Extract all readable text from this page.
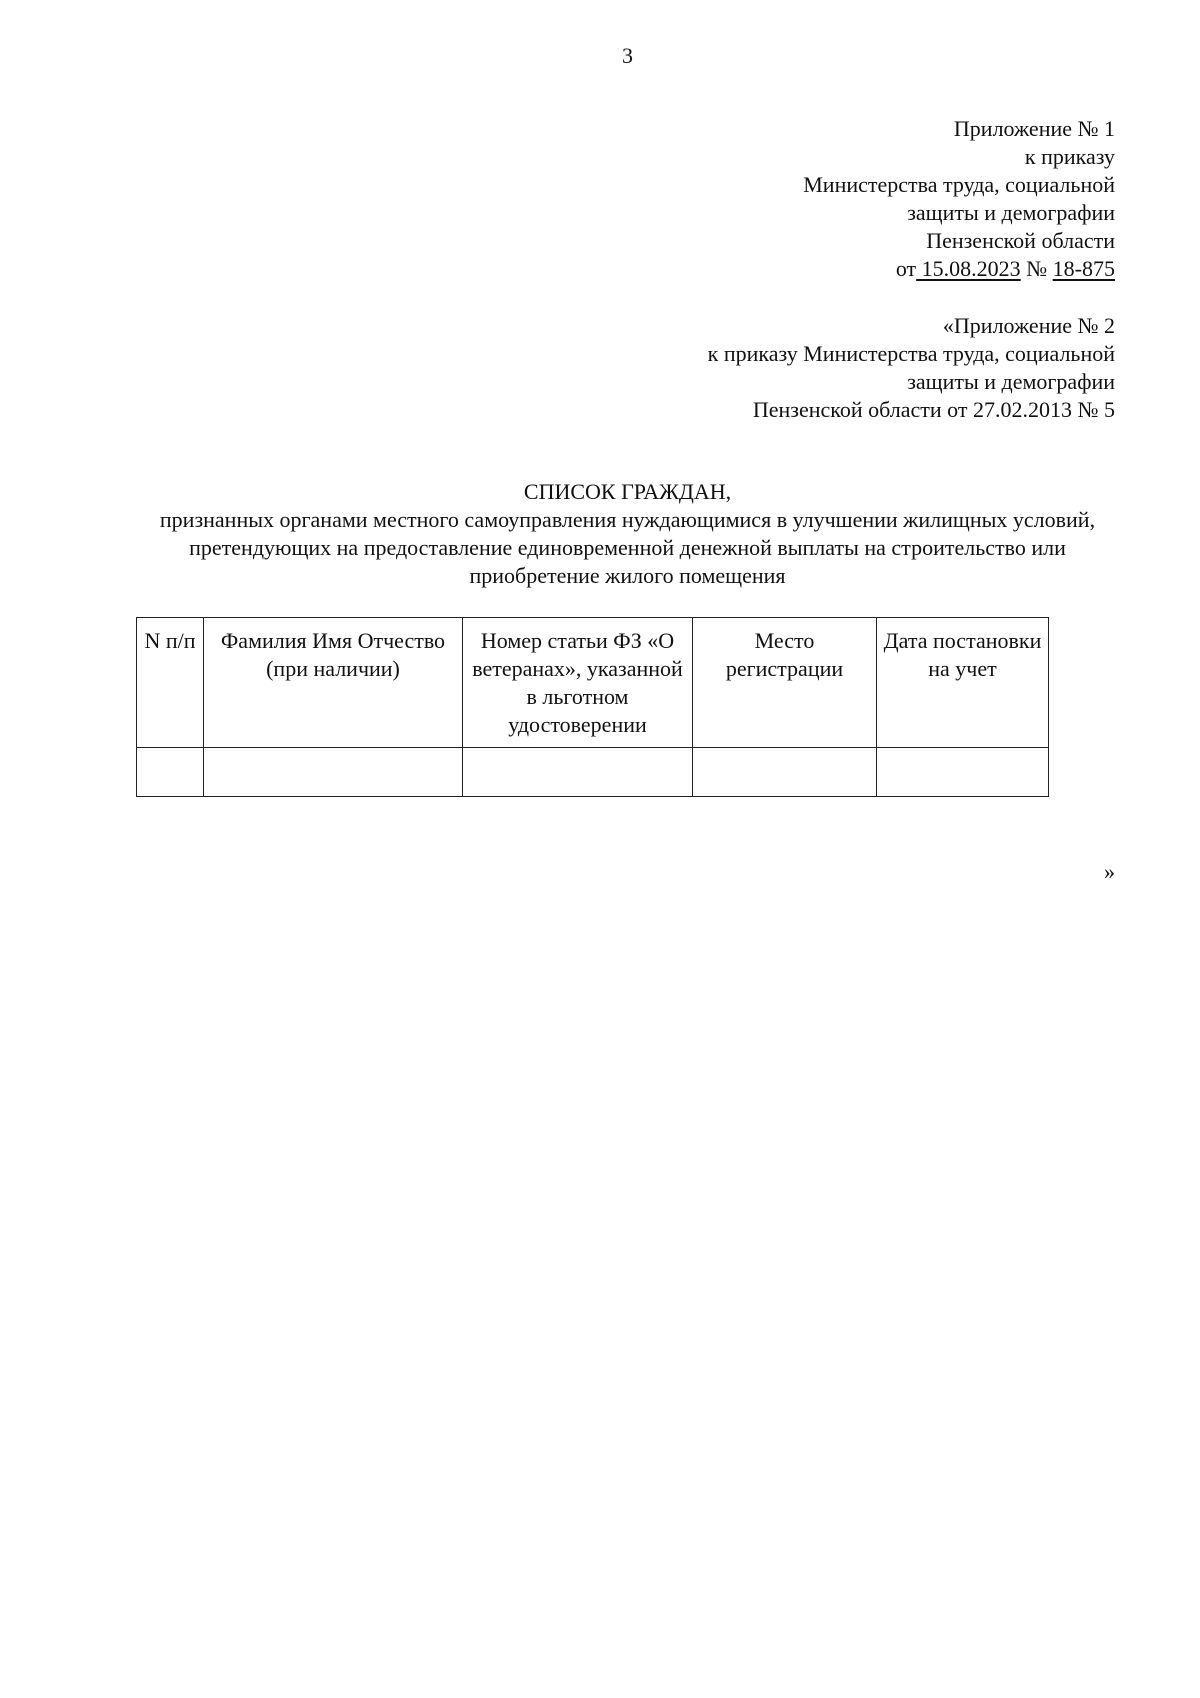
3
Приложение № 1
к приказу
Министерства труда, социальной
защиты и демографии
Пензенской области
от 15.08.2023 № 18-875
«Приложение № 2
к приказу Министерства труда, социальной
защиты и демографии
Пензенской области от 27.02.2013 № 5
СПИСОК ГРАЖДАН,
признанных органами местного самоуправления нуждающимися в улучшении жилищных условий, претендующих на предоставление единовременной денежной выплаты на строительство или приобретение жилого помещения
N п/п	Фамилия Имя Отчество (при наличии)	Номер статьи ФЗ «О ветеранах», указанной в льготном удостоверении	Место регистрации	Дата постановки на учет

»
